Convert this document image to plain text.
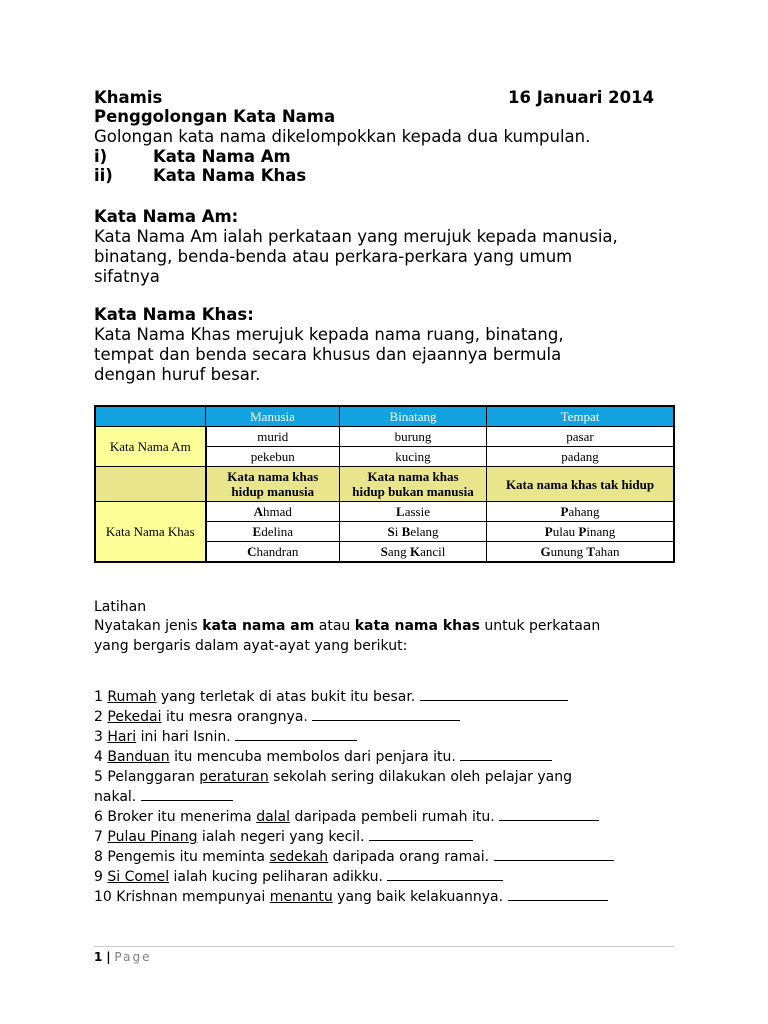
Khamis	16 Januari 2014
Penggolongan Kata Nama
Golongan kata nama dikelompokkan kepada dua kumpulan.
i)	Kata Nama Am
ii) Kata Nama Khas
Kata Nama Am:
Kata Nama Am ialah perkataan yang merujuk kepada manusia,
binatang, benda-benda atau perkara-perkara yang umum
sifatnya
Kata Nama Khas:
Kata Nama Khas merujuk kepada nama ruang, binatang,
tempat dan benda secara khusus dan ejaannya bermula
dengan huruf besar.
	Manusia	Binatang	Tempat
Kata Nama Am	murid	burung	pasar
	pekebun	kucing	padang
	Kata nama khas
hidup manusia	Kata nama khas
hidup bukan manusia	Kata nama khas tak hidup
Kata Nama Khas	Ahmad	Lassie	Pahang
	Edelina	Si Belang	Pulau Pinang
	Chandran	Sang Kancil	Gunung Tahan
Latihan
Nyatakan jenis kata nama am atau kata nama khas untuk perkataan
yang bergaris dalam ayat-ayat yang berikut:
1 Rumah yang terletak di atas bukit itu besar.
2 Pekedai itu mesra orangnya.
3 Hari ini hari Isnin.
4 Banduan itu mencuba membolos dari penjara itu.
5 Pelanggaran peraturan sekolah sering dilakukan oleh pelajar yang
nakal.
6 Broker itu menerima dalal daripada pembeli rumah itu.
7 Pulau Pinang ialah negeri yang kecil.
8 Pengemis itu meminta sedekah daripada orang ramai.
9 Si Comel ialah kucing peliharan adikku.
10 Krishnan mempunyai menantu yang baik kelakuannya.
1 | Page
